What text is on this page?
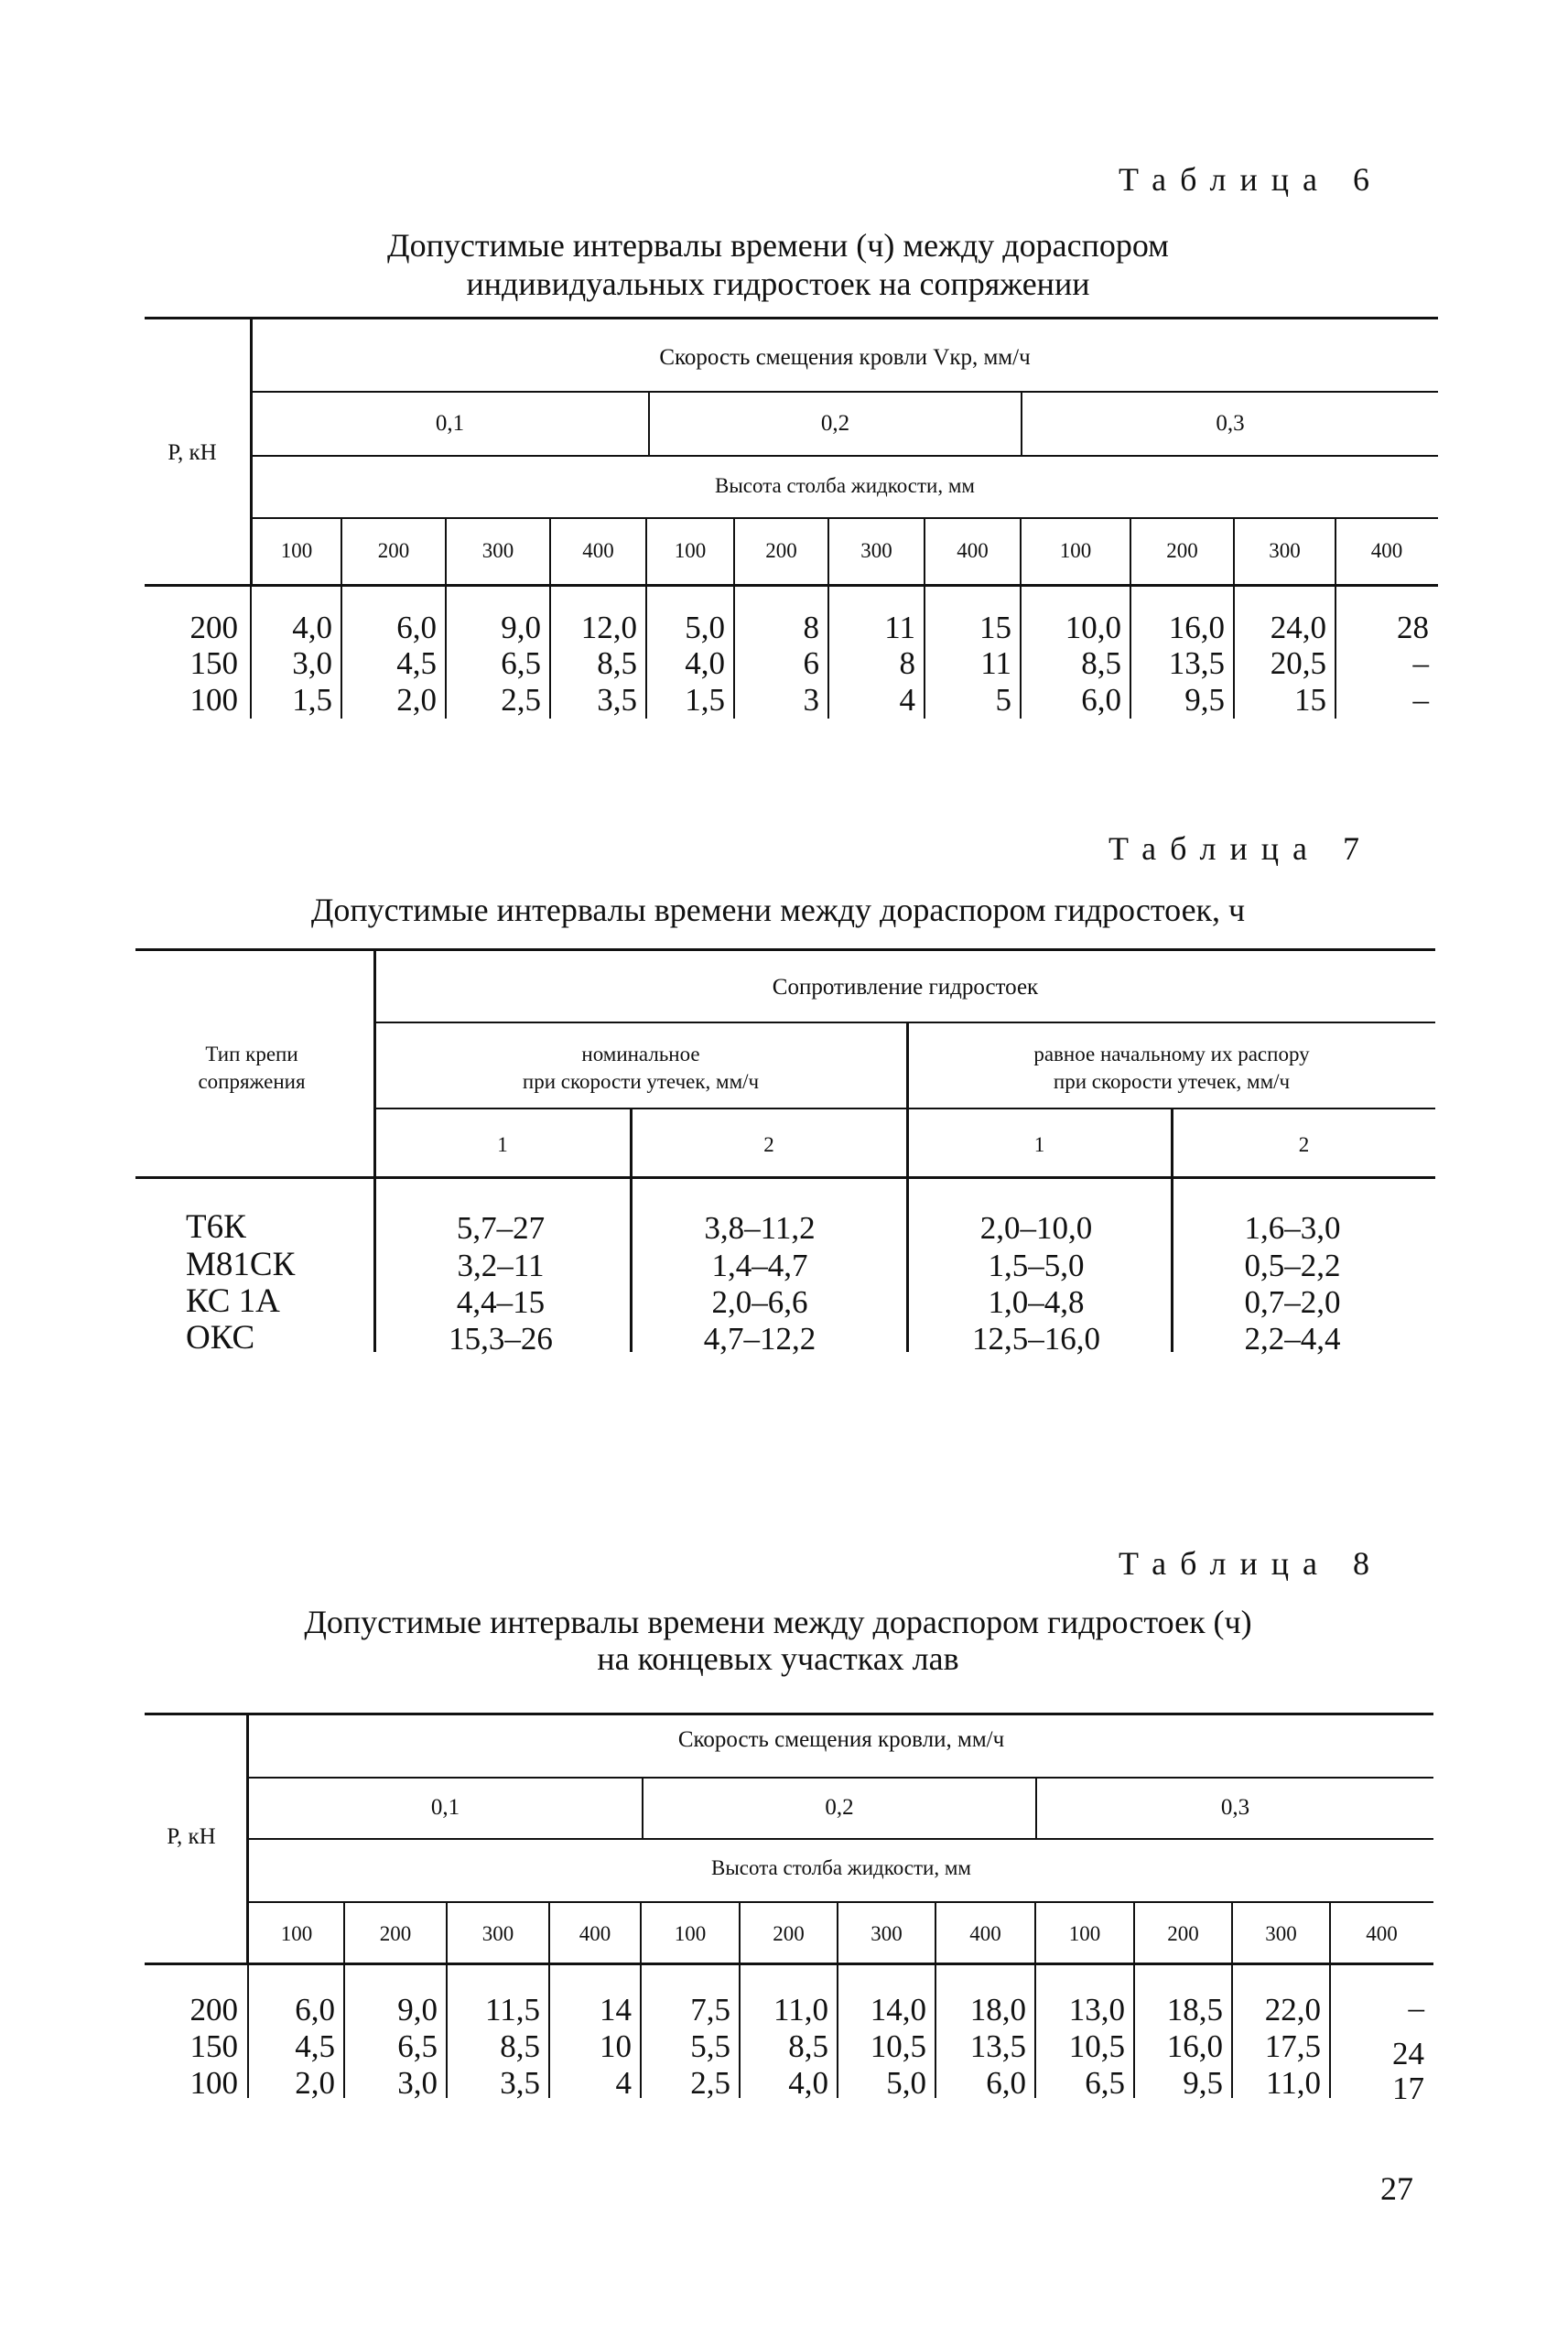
Таблица 6
Допустимые интервалы времени (ч) между дораспором
индивидуальных гидростоек на сопряжении
100	200	300	400	100	200	300	400	100	200	300	400
200	4,0	6,0	9,0	12,0	5,0	8	11	15	10,0	16,0	24,0	28
150	3,0	4,5	6,5	8,5	4,0	6	8	11	8,5	13,5	20,5	–
100	1,5	2,0	2,5	3,5	1,5	3	4	5	6,0	9,5	15	–
Р, кН
Скорость смещения кровли Vкр, мм/ч
0,1	0,2	0,3
Высота столба жидкости, мм
Таблица 7
Допустимые интервалы времени между дораспором гидростоек, ч
Тип крепи
сопряжения
Сопротивление гидростоек
номинальное
при скорости утечек, мм/ч
равное начальному их распору
при скорости утечек, мм/ч
1	2	1	2
Т6К	5,7–27	3,8–11,2	2,0–10,0	1,6–3,0
М81СК	3,2–11	1,4–4,7	1,5–5,0	0,5–2,2
КС 1А	4,4–15	2,0–6,6	1,0–4,8	0,7–2,0
ОКС	15,3–26	4,7–12,2	12,5–16,0	2,2–4,4
Таблица 8
Допустимые интервалы времени между дораспором гидростоек (ч)
на концевых участках лав
100	200	300	400	100	200	300	400	100	200	300	400
200	6,0	9,0	11,5	14	7,5	11,0	14,0	18,0	13,0	18,5	22,0	–
150	4,5	6,5	8,5	10	5,5	8,5	10,5	13,5	10,5	16,0	17,5	24
100	2,0	3,0	3,5	4	2,5	4,0	5,0	6,0	6,5	9,5	11,0	17
Р, кН
Скорость смещения кровли, мм/ч
0,1	0,2	0,3
Высота столба жидкости, мм
27
